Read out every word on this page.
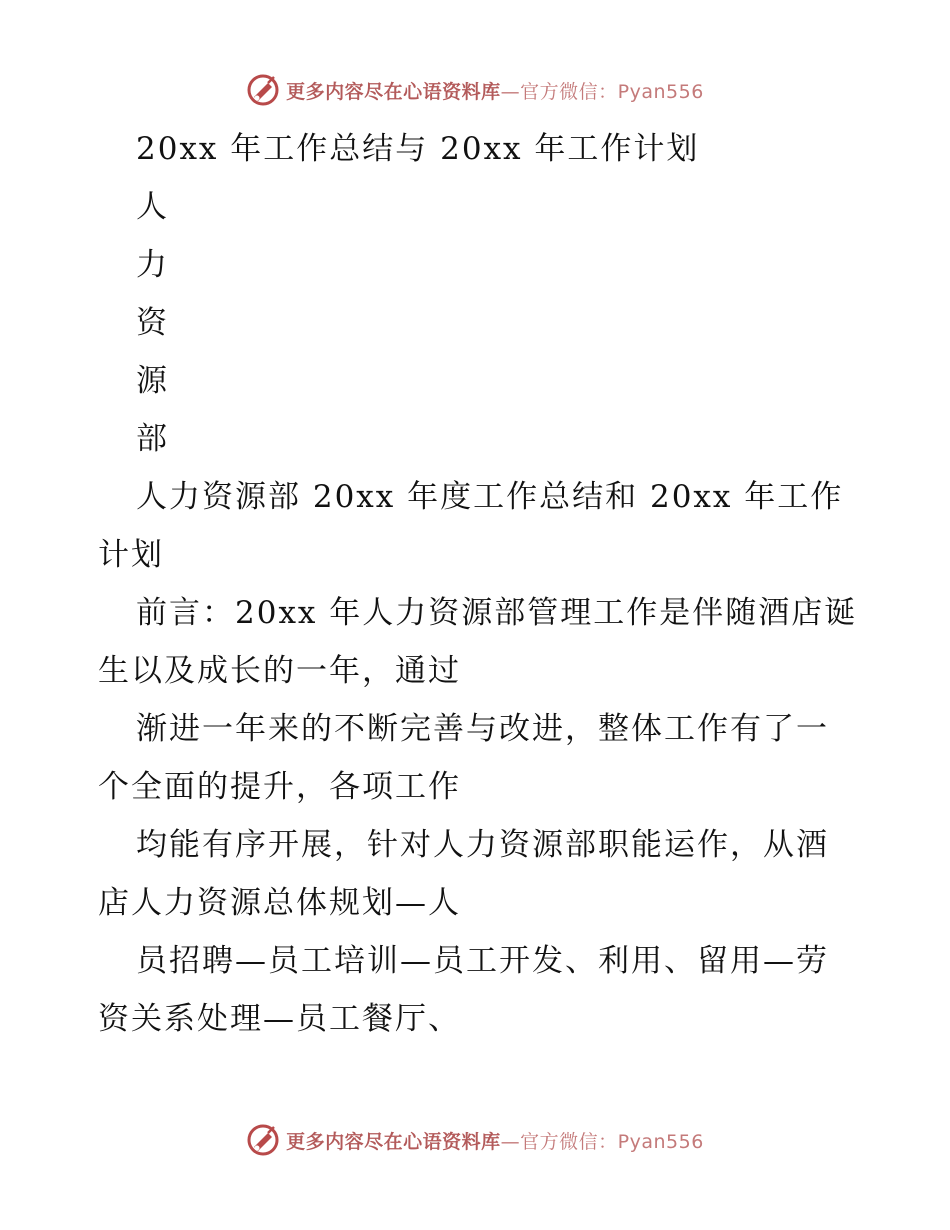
更多内容尽在心语资料库—官方微信：Pyan556

20xx 年工作总结与 20xx 年工作计划

人

力

资

源

部

人力资源部 20xx 年度工作总结和 20xx 年工作计划

前言：20xx 年人力资源部管理工作是伴随酒店诞生以及成长的一年，通过

渐进一年来的不断完善与改进，整体工作有了一个全面的提升，各项工作

均能有序开展，针对人力资源部职能运作，从酒店人力资源总体规划—人

员招聘—员工培训—员工开发、利用、留用—劳资关系处理—员工餐厅、

更多内容尽在心语资料库—官方微信：Pyan556
